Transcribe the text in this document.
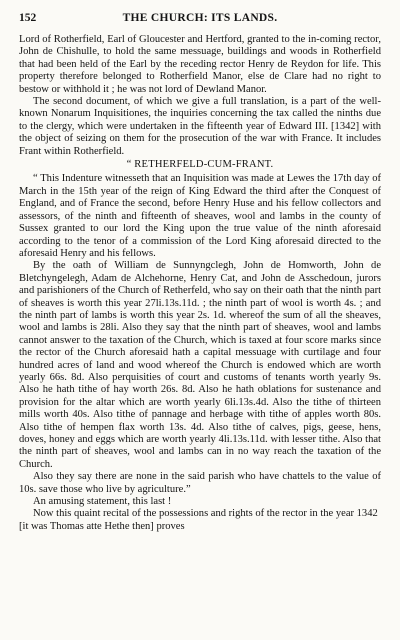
152	THE CHURCH: ITS LANDS.

Lord of Rotherfield, Earl of Gloucester and Hertford, granted to the in-coming rector, John de Chishulle, to hold the same messuage, buildings and woods in Rotherfield that had been held of the Earl by the receding rector Henry de Reydon for life. This property therefore belonged to Rotherfield Manor, else de Clare had no right to bestow or withhold it ; he was not lord of Dewland Manor.

The second document, of which we give a full translation, is a part of the well-known Nonarum Inquisitiones, the inquiries concerning the tax called the ninths due to the clergy, which were undertaken in the fifteenth year of Edward III. [1342] with the object of seizing on them for the prosecution of the war with France. It includes Frant within Rotherfield.

“ RETHERFELD-CUM-FRANT.

“ This Indenture witnesseth that an Inquisition was made at Lewes the 17th day of March in the 15th year of the reign of King Edward the third after the Conquest of England, and of France the second, before Henry Huse and his fellow collectors and assessors, of the ninth and fifteenth of sheaves, wool and lambs in the county of Sussex granted to our lord the King upon the true value of the ninth aforesaid according to the tenor of a commission of the Lord King aforesaid directed to the aforesaid Henry and his fellows.

By the oath of William de Sunnyngclegh, John de Homworth, John de Bletchyngelegh, Adam de Alchehorne, Henry Cat, and John de Asschedoun, jurors and parishioners of the Church of Retherfeld, who say on their oath that the ninth part of sheaves is worth this year 27li.13s.11d. ; the ninth part of wool is worth 4s. ; and the ninth part of lambs is worth this year 2s. 1d. whereof the sum of all the sheaves, wool and lambs is 28li. Also they say that the ninth part of sheaves, wool and lambs cannot answer to the taxation of the Church, which is taxed at four score marks since the rector of the Church aforesaid hath a capital messuage with curtilage and four hundred acres of land and wood whereof the Church is endowed which are worth yearly 66s. 8d. Also perquisities of court and customs of tenants worth yearly 9s. Also he hath tithe of hay worth 26s. 8d. Also he hath oblations for sustenance and provision for the altar which are worth yearly 6li.13s.4d. Also the tithe of thirteen mills worth 40s. Also tithe of pannage and herbage with tithe of apples worth 80s. Also tithe of hempen flax worth 13s. 4d. Also tithe of calves, pigs, geese, hens, doves, honey and eggs which are worth yearly 4li.13s.11d. with lesser tithe. Also that the ninth part of sheaves, wool and lambs can in no way reach the taxation of the Church.

Also they say there are none in the said parish who have chattels to the value of 10s. save those who live by agriculture.”

An amusing statement, this last !

Now this quaint recital of the possessions and rights of the rector in the year 1342 [it was Thomas atte Hethe then] proves
